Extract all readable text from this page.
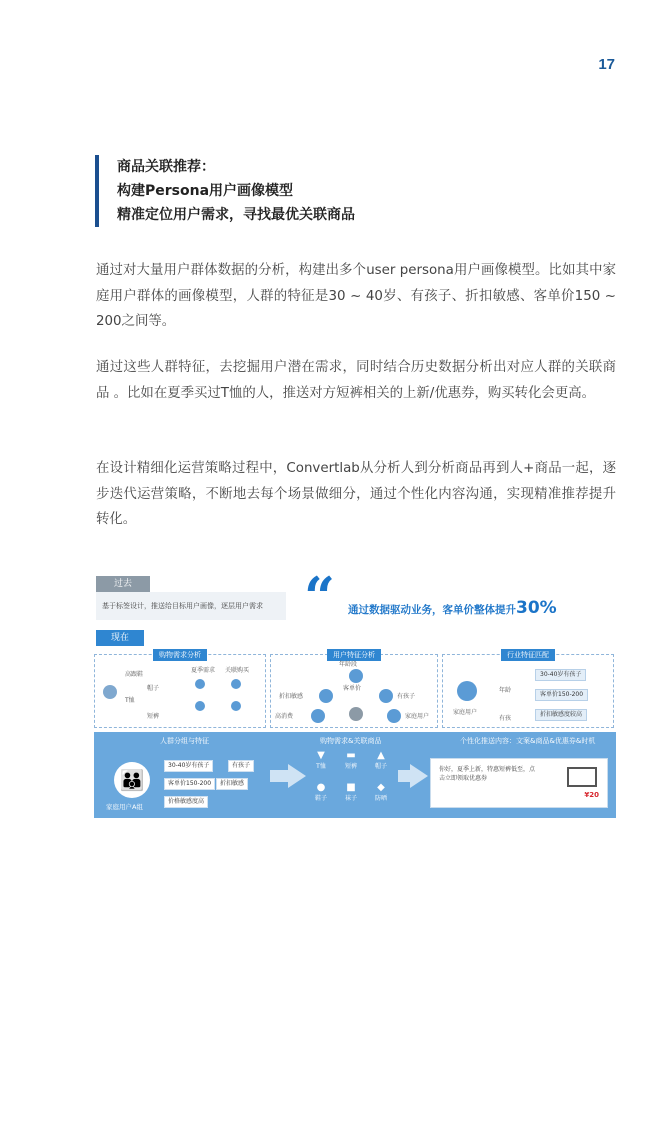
17
商品关联推荐：
构建Persona用户画像模型
精准定位用户需求，寻找最优关联商品

通过对大量用户群体数据的分析，构建出多个user persona用户画像模型。比如其中家庭用户群体的画像模型，人群的特征是30 ~ 40岁、有孩子、折扣敏感、客单价150 ~ 200之间等。

通过这些人群特征，去挖掘用户潜在需求，同时结合历史数据分析出对应人群的关联商品 。比如在夏季买过T恤的人，推送对方短裤相关的上新/优惠券，购买转化会更高。

在设计精细化运营策略过程中，Convertlab从分析人到分析商品再到人+商品一起，逐步迭代运营策略，不断地去每个场景做细分，通过个性化内容沟通，实现精准推荐提升转化。

过去
基于标签设计，推送给目标用户画像，逐层用户需求 “ 通过数据驱动业务，客单价整体提升30%
现在
购物需求分析
高跟鞋
T恤
短裤
帽子
夏季需求 关联购买
用户特征分析
年龄段
折扣敏感	有孩子
高消费
客单价
家庭用户
行业特征匹配
家庭用户
年龄
有孩
30-40岁有孩子
客单价150-200
折扣敏感度较高
人群分组与特征	购物需求&关联商品	个性化推送内容：文案&商品&优惠券&时机
👪
家庭用户A组
30-40岁有孩子	有孩子
客单价150-200	折扣敏感
价格敏感度高
▼
T恤
▬
短裤
▲
帽子
●
鞋子
■
袜子
◆
防晒
你好，夏季上新，特惠短裤低至，点击立即领取优惠券
¥20
